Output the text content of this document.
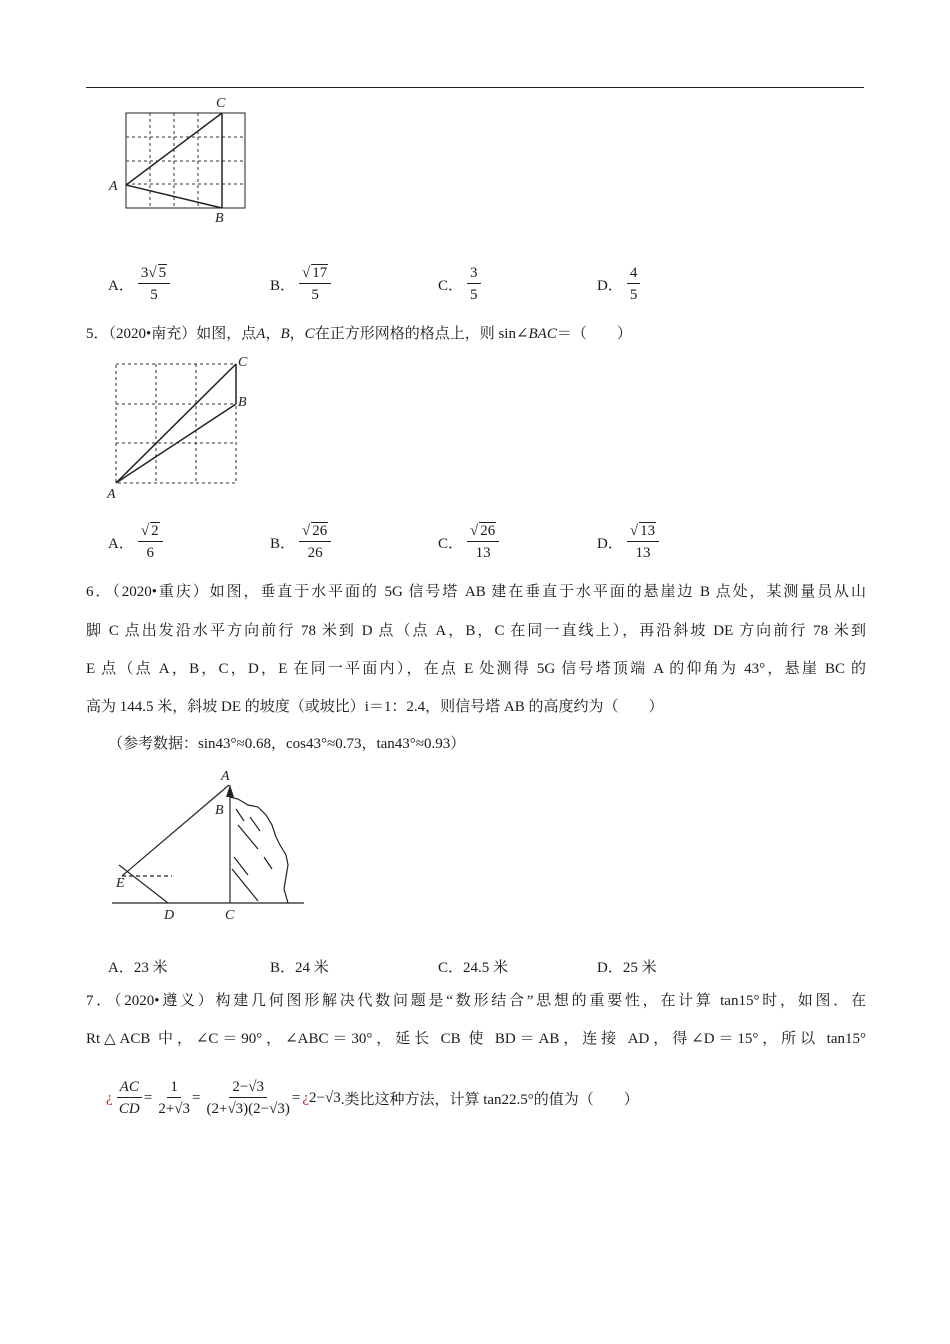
C
A
B
A． $\frac{3√ 5}{5}$	B． $\frac{√ 17}{5}$	C． $\frac{3}{5}$	D． $\frac{4}{5}$
5．（2020•南充）如图，点A，B，C在正方形网格的格点上，则 sin∠BAC＝（　　）
C
B
A
A． $\frac{√ 2}{6}$	B． $\frac{√ 26}{26}$	C． $\frac{√ 26}{13}$	D． $\frac{√ 13}{13}$
6．（2020•重庆）如图，垂直于水平面的 5G 信号塔 AB 建在垂直于水平面的悬崖边 B 点处，某测量员从山
脚 C 点出发沿水平方向前行 78 米到 D 点（点 A，B，C 在同一直线上），再沿斜坡 DE 方向前行 78 米到
E 点（点 A，B，C，D，E 在同一平面内），在点 E 处测得 5G 信号塔顶端 A 的仰角为 43°，悬崖 BC 的
高为 144.5 米，斜坡 DE 的坡度（或坡比）i＝1：2.4，则信号塔 AB 的高度约为（　　）
（参考数据：sin43°≈0.68，cos43°≈0.73，tan43°≈0.93）
A
B
E
D	C
A． 23 米	B． 24 米	C． 24.5 米	D． 25 米
7．（2020•遵义）构建几何图形解决代数问题是“数形结合”思想的重要性，在计算 tan15°时，如图．在
Rt△ACB 中，∠C＝90°，∠ABC＝30°，延长 CB 使 BD＝AB，连接 AD，得∠D＝15°，所以 tan15°
¿ $\frac{AC}{CD} = \frac{1}{2+√3} = \frac{2-√3}{(2+√3)(2-√3)}$ = ¿ 2−√3 .类比这种方法，计算 tan22.5°的值为（　　）
